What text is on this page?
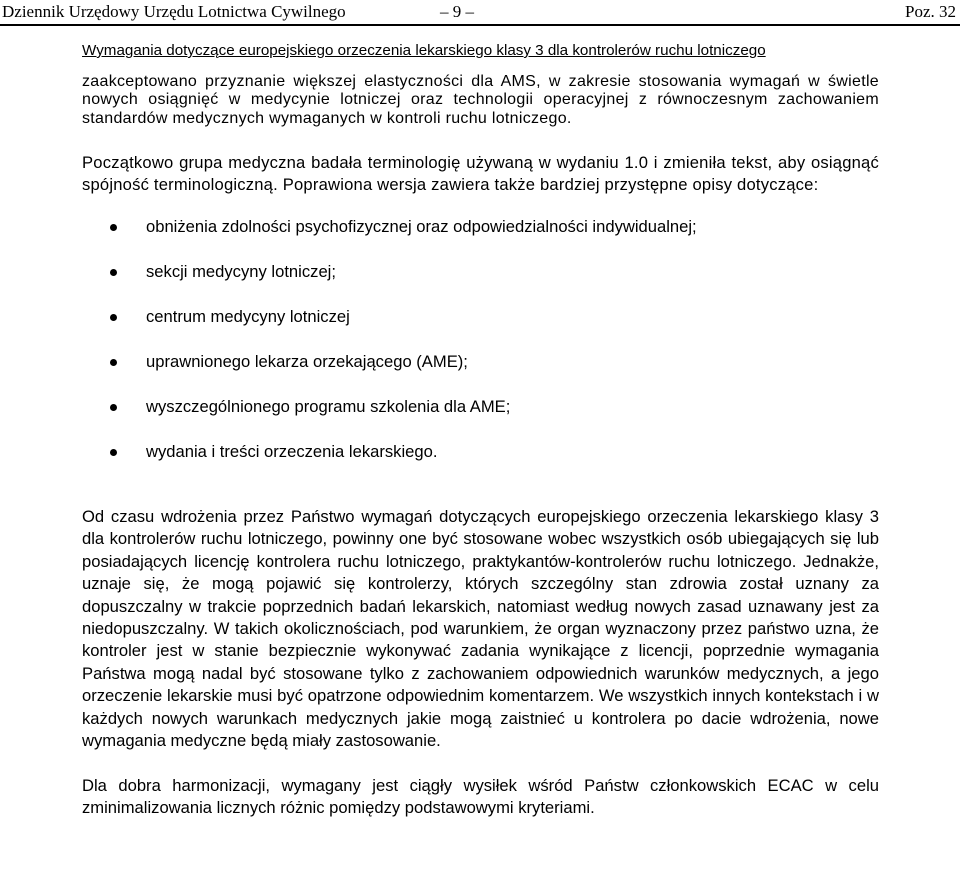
Dziennik Urzędowy Urzędu Lotnictwa Cywilnego	– 9 –	Poz. 32
Wymagania dotyczące europejskiego orzeczenia lekarskiego klasy 3 dla kontrolerów ruchu lotniczego

zaakceptowano przyznanie większej elastyczności dla AMS, w zakresie stosowania wymagań w świetle nowych osiągnięć w medycynie lotniczej oraz technologii operacyjnej z równoczesnym zachowaniem standardów medycznych wymaganych w kontroli ruchu lotniczego.

Początkowo grupa medyczna badała terminologię używaną w wydaniu 1.0 i zmieniła tekst, aby osiągnąć spójność terminologiczną. Poprawiona wersja zawiera także bardziej przystępne opisy dotyczące:

obniżenia zdolności psychofizycznej oraz odpowiedzialności indywidualnej;
sekcji medycyny lotniczej;
centrum medycyny lotniczej
uprawnionego lekarza orzekającego (AME);
wyszczególnionego programu szkolenia dla AME;
wydania i treści orzeczenia lekarskiego.

Od czasu wdrożenia przez Państwo wymagań dotyczących europejskiego orzeczenia lekarskiego klasy 3 dla kontrolerów ruchu lotniczego, powinny one być stosowane wobec wszystkich osób ubiegających się lub posiadających licencję kontrolera ruchu lotniczego, praktykantów-kontrolerów ruchu lotniczego. Jednakże, uznaje się, że mogą pojawić się kontrolerzy, których szczególny stan zdrowia został uznany za dopuszczalny w trakcie poprzednich badań lekarskich, natomiast według nowych zasad uznawany jest za niedopuszczalny. W takich okolicznościach, pod warunkiem, że organ wyznaczony przez państwo uzna, że kontroler jest w stanie bezpiecznie wykonywać zadania wynikające z licencji, poprzednie wymagania Państwa mogą nadal być stosowane tylko z zachowaniem odpowiednich warunków medycznych, a jego orzeczenie lekarskie musi być opatrzone odpowiednim komentarzem. We wszystkich innych kontekstach i w każdych nowych warunkach medycznych jakie mogą zaistnieć u kontrolera po dacie wdrożenia, nowe wymagania medyczne będą miały zastosowanie.

Dla dobra harmonizacji, wymagany jest ciągły wysiłek wśród Państw członkowskich ECAC w celu zminimalizowania licznych różnic pomiędzy podstawowymi kryteriami.
